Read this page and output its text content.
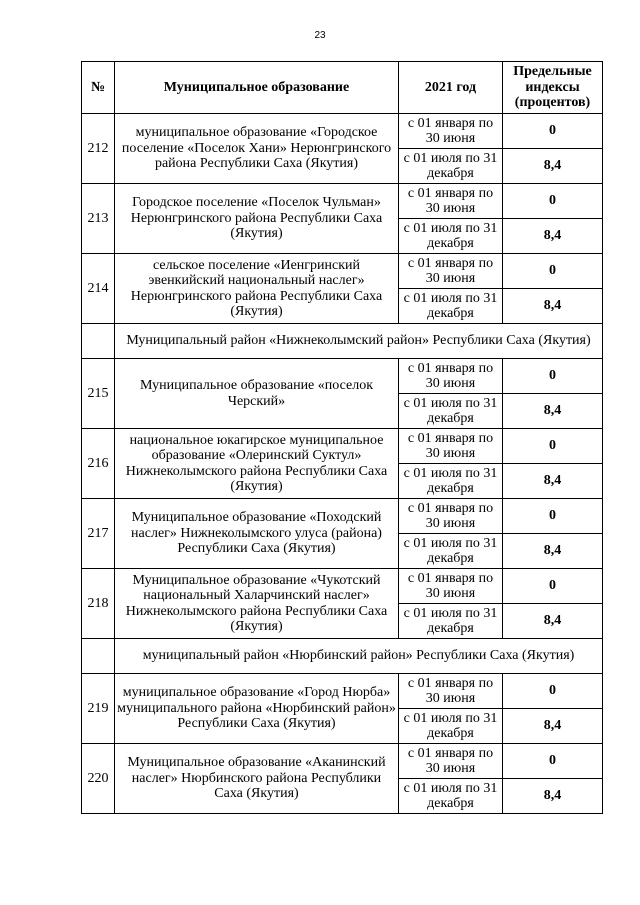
23
№	Муниципальное образование	2021 год	Предельные индексы (процентов)
212	муниципальное образование «Городское поселение «Поселок Хани» Нерюнгринского района Республики Саха (Якутия)	с 01 января по 30 июня	0
		с 01 июля по 31 декабря	8,4
213	Городское поселение «Поселок Чульман» Нерюнгринского района Республики Саха (Якутия)	с 01 января по 30 июня	0
		с 01 июля по 31 декабря	8,4
214	сельское поселение «Иенгринский эвенкийский национальный наслег» Нерюнгринского района Республики Саха (Якутия)	с 01 января по 30 июня	0
		с 01 июля по 31 декабря	8,4
	Муниципальный район «Нижнеколымский район» Республики Саха (Якутия)		
215	Муниципальное образование «поселок Черский»	с 01 января по 30 июня	0
		с 01 июля по 31 декабря	8,4
216	национальное юкагирское муниципальное образование «Олеринский Суктул» Нижнеколымского района Республики Саха (Якутия)	с 01 января по 30 июня	0
		с 01 июля по 31 декабря	8,4
217	Муниципальное образование «Походский наслег» Нижнеколымского улуса (района) Республики Саха (Якутия)	с 01 января по 30 июня	0
		с 01 июля по 31 декабря	8,4
218	Муниципальное образование «Чукотский национальный Халарчинский наслег» Нижнеколымского района Республики Саха (Якутия)	с 01 января по 30 июня	0
		с 01 июля по 31 декабря	8,4
	муниципальный район «Нюрбинский район» Республики Саха (Якутия)		
219	муниципальное образование «Город Нюрба» муниципального района «Нюрбинский район» Республики Саха (Якутия)	с 01 января по 30 июня	0
		с 01 июля по 31 декабря	8,4
220	Муниципальное образование «Аканинский наслег» Нюрбинского района Республики Саха (Якутия)	с 01 января по 30 июня	0
		с 01 июля по 31 декабря	8,4
